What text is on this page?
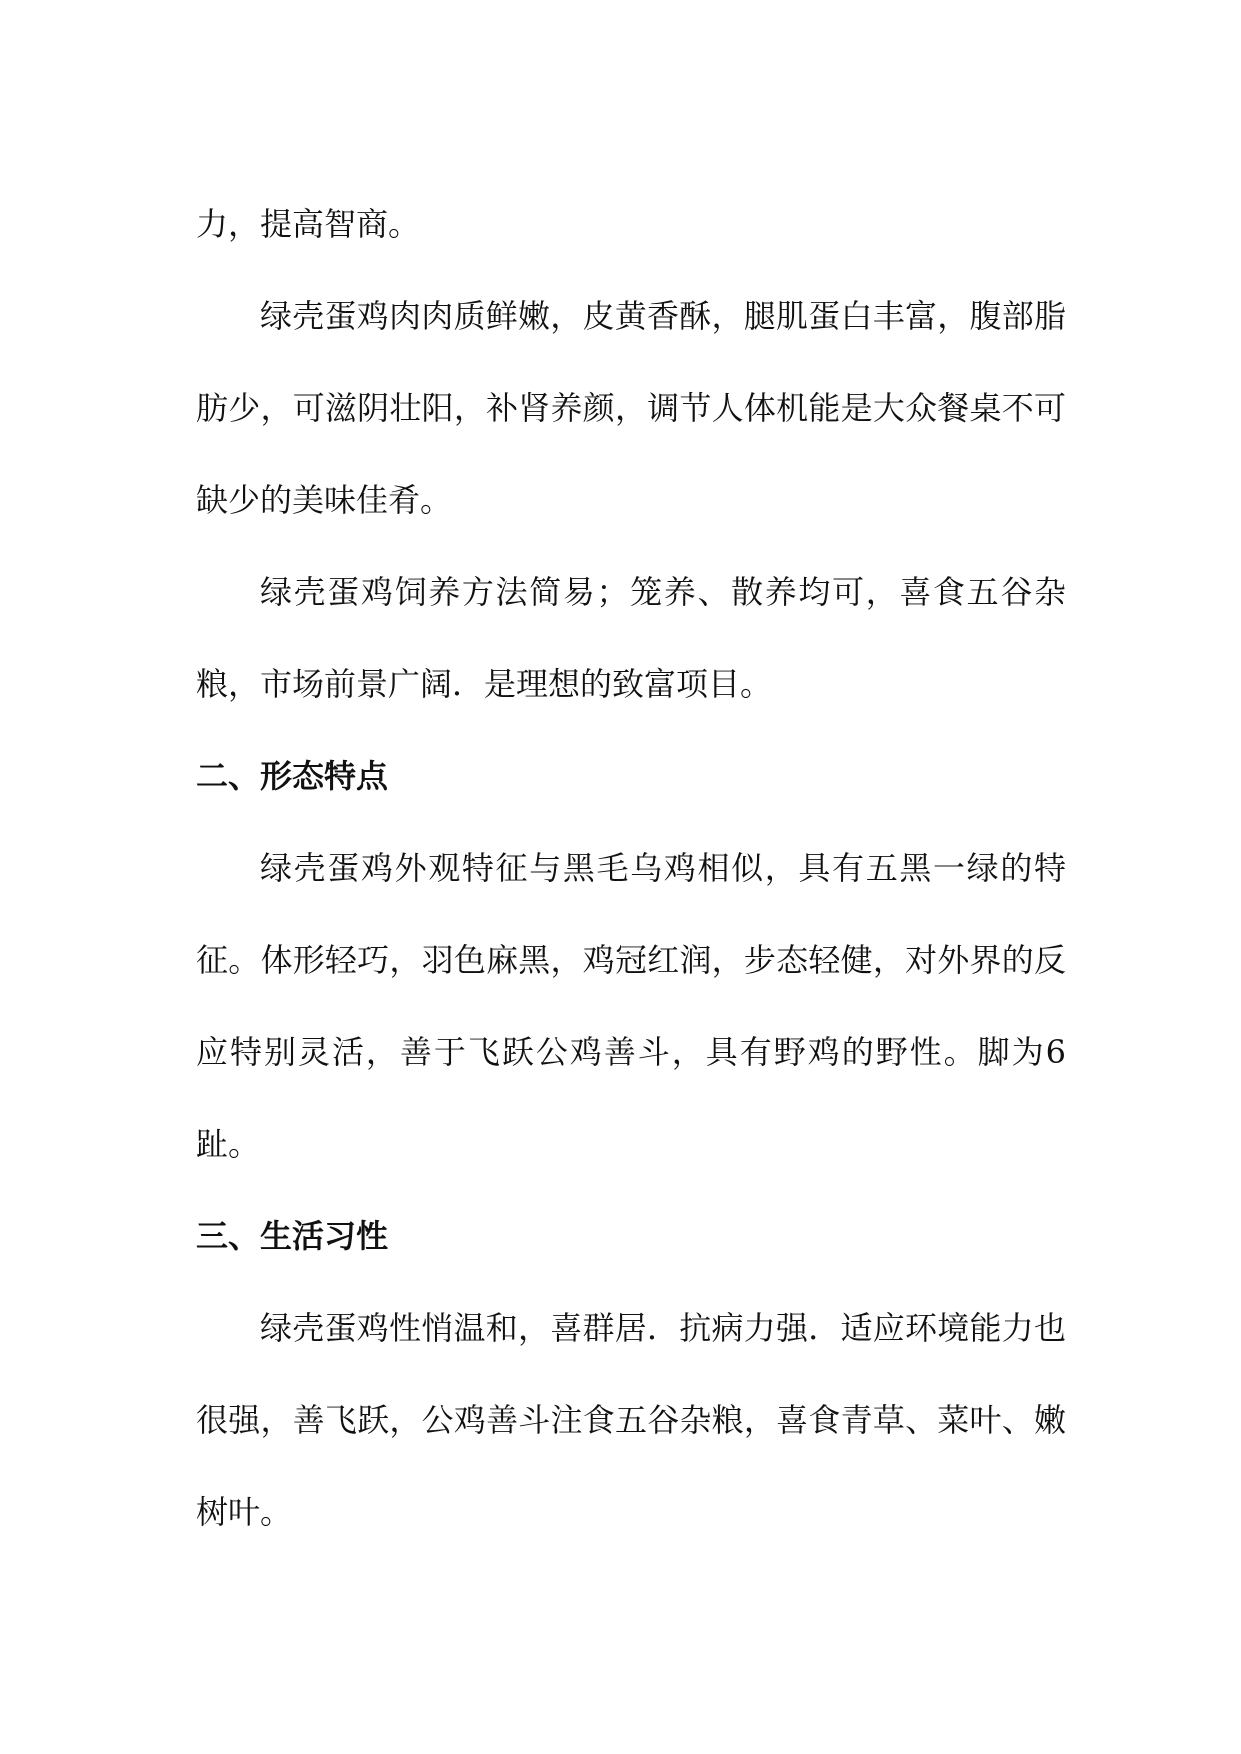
力，提高智商。

绿壳蛋鸡肉肉质鲜嫩，皮黄香酥，腿肌蛋白丰富，腹部脂肪少，可滋阴壮阳，补肾养颜，调节人体机能是大众餐桌不可缺少的美味佳肴。

绿壳蛋鸡饲养方法简易；笼养、散养均可，喜食五谷杂粮，市场前景广阔．是理想的致富项目。

二、形态特点

绿壳蛋鸡外观特征与黑毛乌鸡相似，具有五黑一绿的特征。体形轻巧，羽色麻黑，鸡冠红润，步态轻健，对外界的反应特别灵活，善于飞跃公鸡善斗，具有野鸡的野性。脚为6趾。

三、生活习性

绿壳蛋鸡性悄温和，喜群居．抗病力强．适应环境能力也很强，善飞跃，公鸡善斗注食五谷杂粮，喜食青草、菜叶、嫩树叶。
